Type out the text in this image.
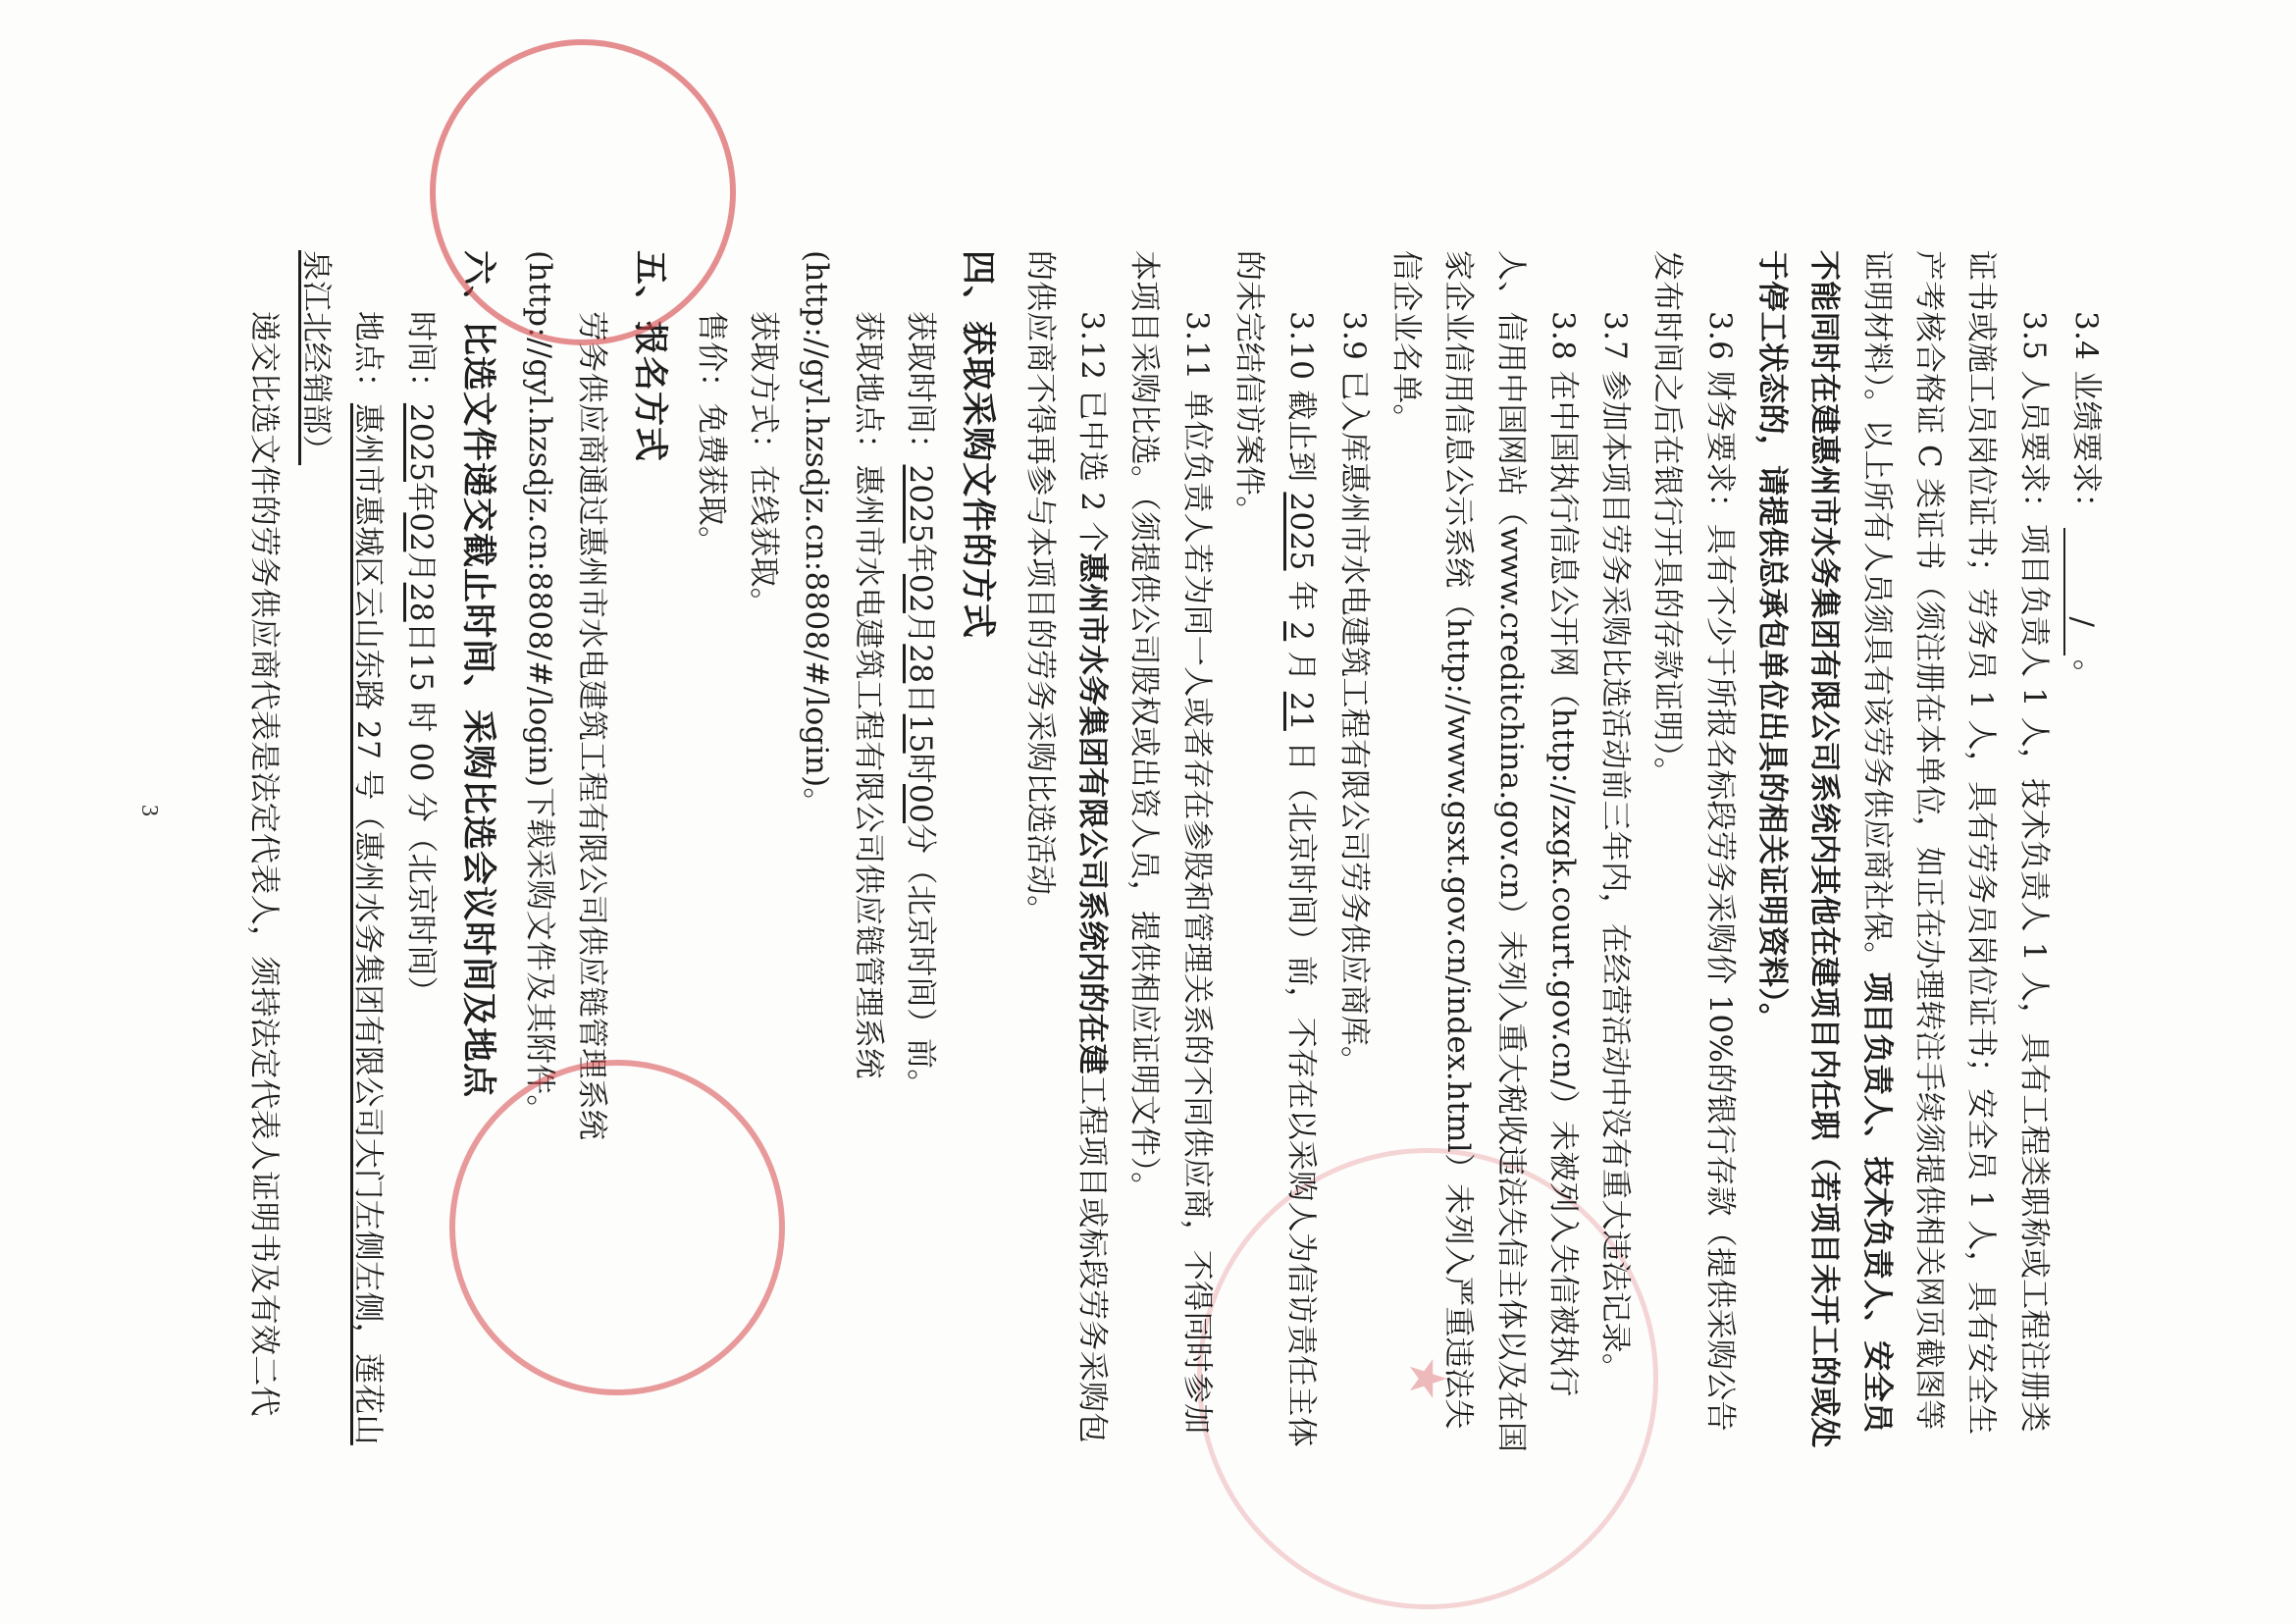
★

3.4 业绩要求：/。

3.5 人员要求：项目负责人 1 人，技术负责人 1 人，具有工程类职称或工程注册类证书或施工员岗位证书；劳务员 1 人，具有劳务员岗位证书；安全员 1 人，具有安全生产考核合格证 C 类证书（须注册在本单位，如正在办理转注手续须提供相关网页截图等证明材料）。以上所有人员须具有该劳务供应商社保。项目负责人、技术负责人、安全员不能同时在建惠州市水务集团有限公司系统内其他在建项目内任职（若项目未开工的或处于停工状态的，请提供总承包单位出具的相关证明资料）。

3.6 财务要求：具有不少于所报名标段劳务采购价 10%的银行存款（提供采购公告发布时间之后在银行开具的存款证明）。

3.7 参加本项目劳务采购比选活动前三年内，在经营活动中没有重大违法记录。

3.8 在中国执行信息公开网（http://zxgk.court.gov.cn/）未被列入失信被执行人、信用中国网站（www.creditchina.gov.cn）未列入重大税收违法失信主体以及在国家企业信用信息公示系统（http://www.gsxt.gov.cn/index.html）未列入严重违法失信企业名单。

3.9 已入库惠州市水电建筑工程有限公司劳务供应商库。

3.10 截止到 2025 年 2 月 21 日（北京时间）前，不存在以采购人为信访责任主体的未完结信访案件。

3.11 单位负责人若为同一人或者存在参股和管理关系的不同供应商，不得同时参加本项目采购比选。（须提供公司股权或出资人员，提供相应证明文件）。

3.12 已中选 2 个惠州市水务集团有限公司系统内的在建工程项目或标段劳务采购包的供应商不得再参与本项目的劳务采购比选活动。

四、获取采购文件的方式

获取时间：2025年02月28日15时00分（北京时间）前。

获取地点：惠州市水电建筑工程有限公司供应链管理系统(http://gyl.hzsdjz.cn:8808/#/login)。

获取方式：在线获取。

售价：免费获取。

五、报名方式

劳务供应商通过惠州市水电建筑工程有限公司供应链管理系统(http://gyl.hzsdjz.cn:8808/#/login)下载采购文件及其附件。

六、比选文件递交截止时间、采购比选会议时间及地点

时间：2025年02月28日15 时 00 分（北京时间）

地点：惠州市惠城区云山东路 27 号（惠州水务集团有限公司大门左侧左侧，莲花山泉江北经销部）

递交比选文件的劳务供应商代表是法定代表人，须持法定代表人证明书及有效二代

3
